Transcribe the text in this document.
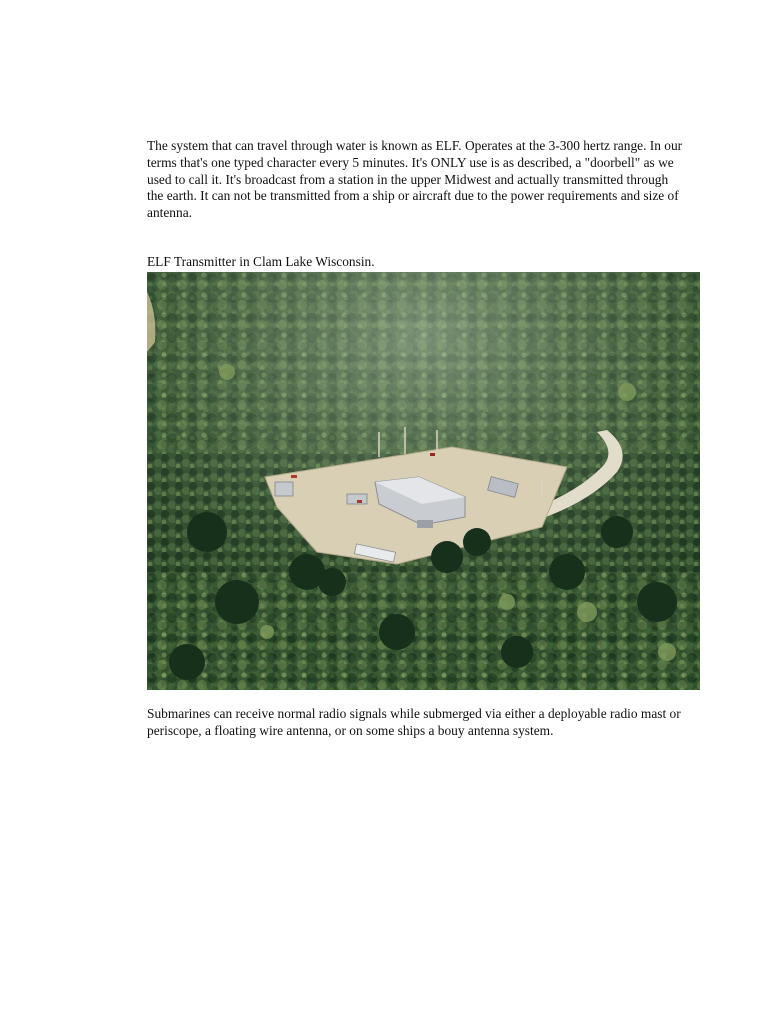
The system that can travel through water is known as ELF. Operates at the 3-300 hertz range. In our terms that's one typed character every 5 minutes. It's ONLY use is as described, a "doorbell" as we used to call it. It's broadcast from a station in the upper Midwest and actually transmitted through the earth. It can not be transmitted from a ship or aircraft due to the power requirements and size of antenna.

ELF Transmitter in Clam Lake Wisconsin.

Submarines can receive normal radio signals while submerged via either a deployable radio mast or periscope, a floating wire antenna, or on some ships a bouy antenna system.
